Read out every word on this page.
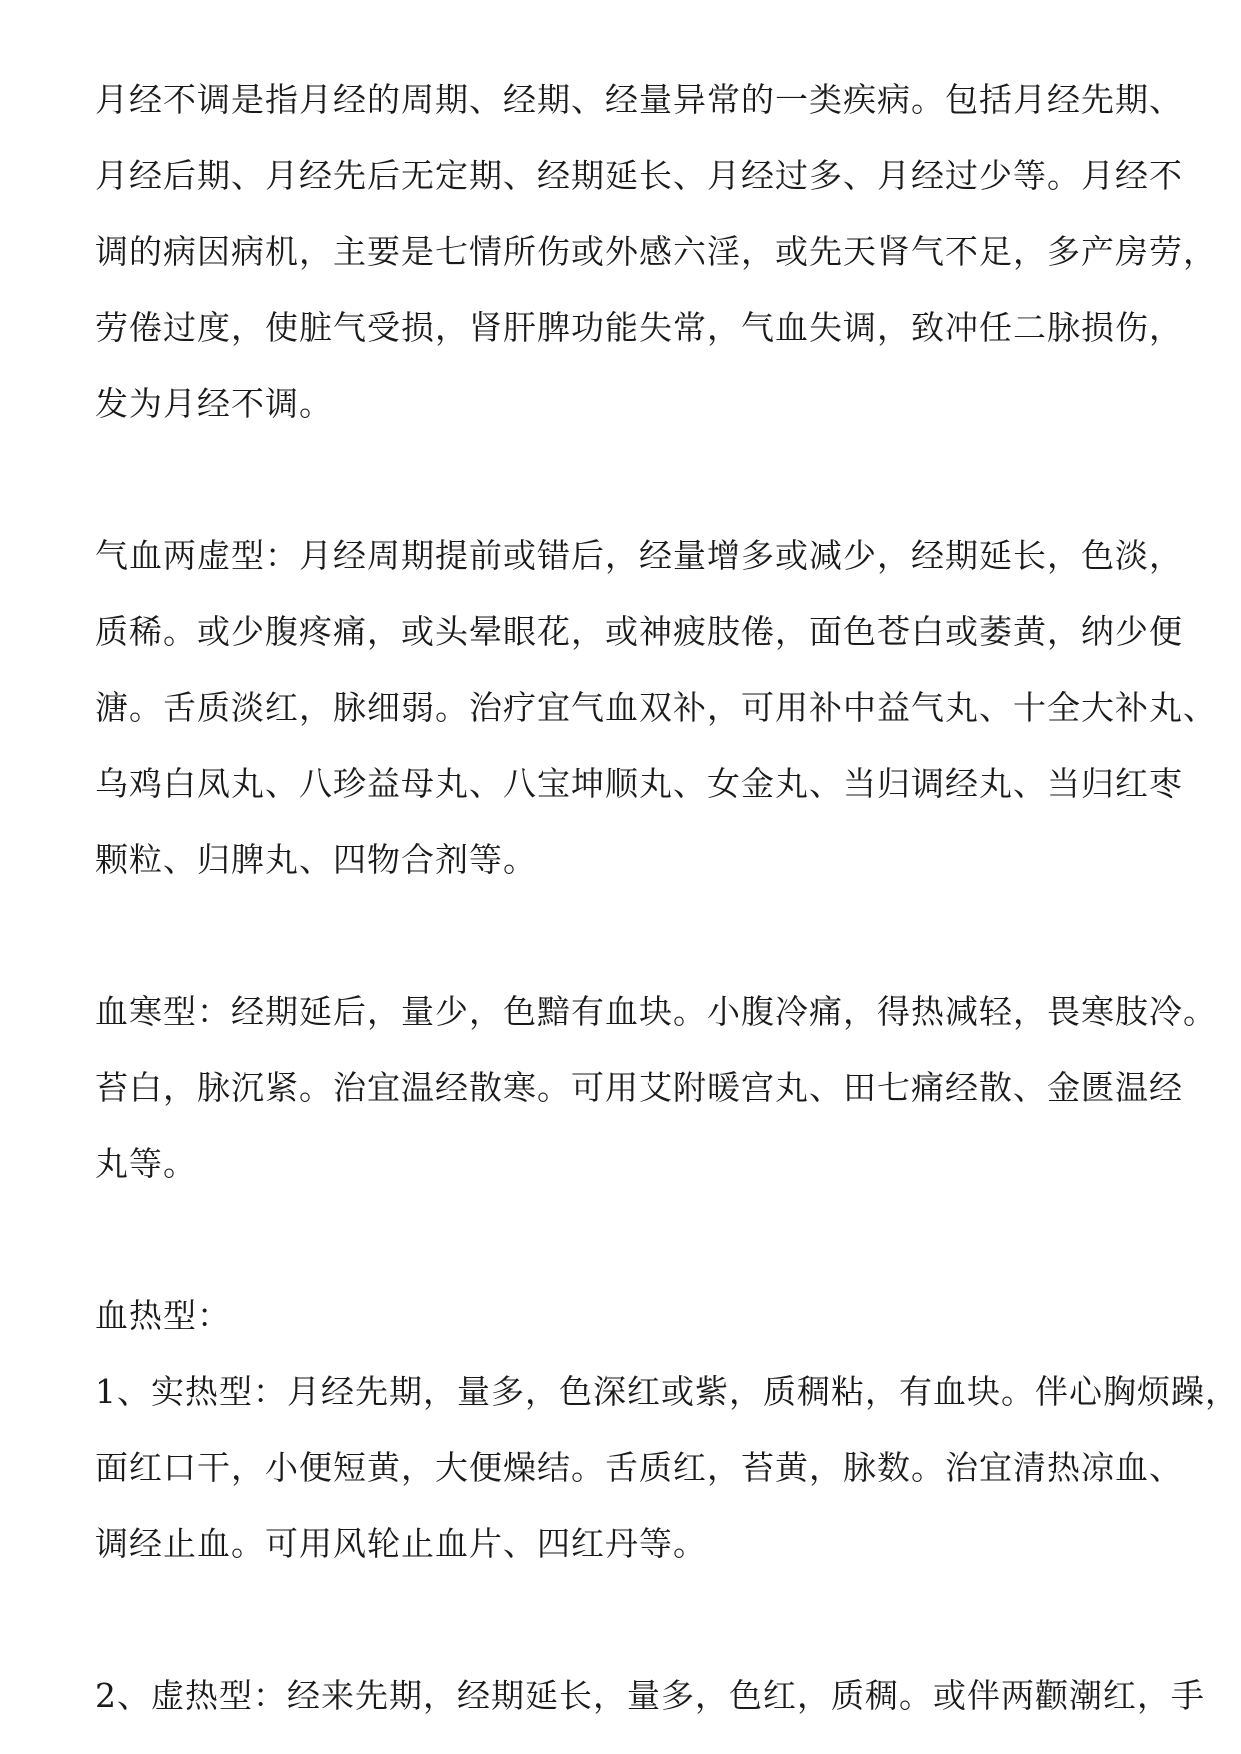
月经不调是指月经的周期、经期、经量异常的一类疾病。包括月经先期、
月经后期、月经先后无定期、经期延长、月经过多、月经过少等。月经不
调的病因病机，主要是七情所伤或外感六淫，或先天肾气不足，多产房劳，
劳倦过度，使脏气受损，肾肝脾功能失常，气血失调，致冲任二脉损伤，
发为月经不调。
气血两虚型：月经周期提前或错后，经量增多或减少，经期延长，色淡，
质稀。或少腹疼痛，或头晕眼花，或神疲肢倦，面色苍白或萎黄，纳少便
溏。舌质淡红，脉细弱。治疗宜气血双补，可用补中益气丸、十全大补丸、
乌鸡白凤丸、八珍益母丸、八宝坤顺丸、女金丸、当归调经丸、当归红枣
颗粒、归脾丸、四物合剂等。
血寒型：经期延后，量少，色黯有血块。小腹冷痛，得热减轻，畏寒肢冷。
苔白，脉沉紧。治宜温经散寒。可用艾附暖宫丸、田七痛经散、金匮温经
丸等。
血热型：
1、实热型：月经先期，量多，色深红或紫，质稠粘，有血块。伴心胸烦躁，
面红口干，小便短黄，大便燥结。舌质红，苔黄，脉数。治宜清热凉血、
调经止血。可用风轮止血片、四红丹等。
2、虚热型：经来先期，经期延长，量多，色红，质稠。或伴两颧潮红，手
